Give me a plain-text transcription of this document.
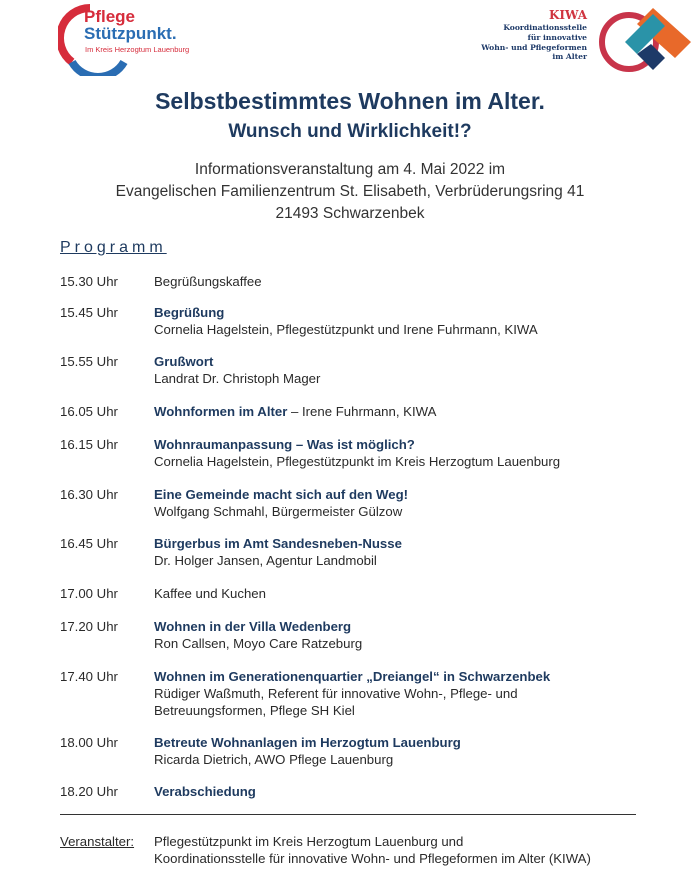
Pflege
Stützpunkt.
Im Kreis Herzogtum Lauenburg
KIWA
Koordinationsstelle
für innovative
Wohn- und Pflegeformen
im Alter
Selbstbestimmtes Wohnen im Alter.
Wunsch und Wirklichkeit!?
Informationsveranstaltung am 4. Mai 2022 im
Evangelischen Familienzentrum St. Elisabeth, Verbrüderungsring 41
21493 Schwarzenbek
Programm
15.30 Uhr	Begrüßungskaffee
15.45 Uhr	Begrüßung
Cornelia Hagelstein, Pflegestützpunkt und Irene Fuhrmann, KIWA
15.55 Uhr	Grußwort
Landrat Dr. Christoph Mager
16.05 Uhr	Wohnformen im Alter – Irene Fuhrmann, KIWA
16.15 Uhr	Wohnraumanpassung – Was ist möglich?
Cornelia Hagelstein, Pflegestützpunkt im Kreis Herzogtum Lauenburg
16.30 Uhr	Eine Gemeinde macht sich auf den Weg!
Wolfgang Schmahl, Bürgermeister Gülzow
16.45 Uhr	Bürgerbus im Amt Sandesneben-Nusse
Dr. Holger Jansen, Agentur Landmobil
17.00 Uhr	Kaffee und Kuchen
17.20 Uhr	Wohnen in der Villa Wedenberg
Ron Callsen, Moyo Care Ratzeburg
17.40 Uhr	Wohnen im Generationenquartier „Dreiangel“ in Schwarzenbek
Rüdiger Waßmuth, Referent für innovative Wohn-, Pflege- und
Betreuungsformen, Pflege SH Kiel
18.00 Uhr	Betreute Wohnanlagen im Herzogtum Lauenburg
Ricarda Dietrich, AWO Pflege Lauenburg
18.20 Uhr	Verabschiedung
Veranstalter: Pflegestützpunkt im Kreis Herzogtum Lauenburg und
Koordinationsstelle für innovative Wohn- und Pflegeformen im Alter (KIWA)
